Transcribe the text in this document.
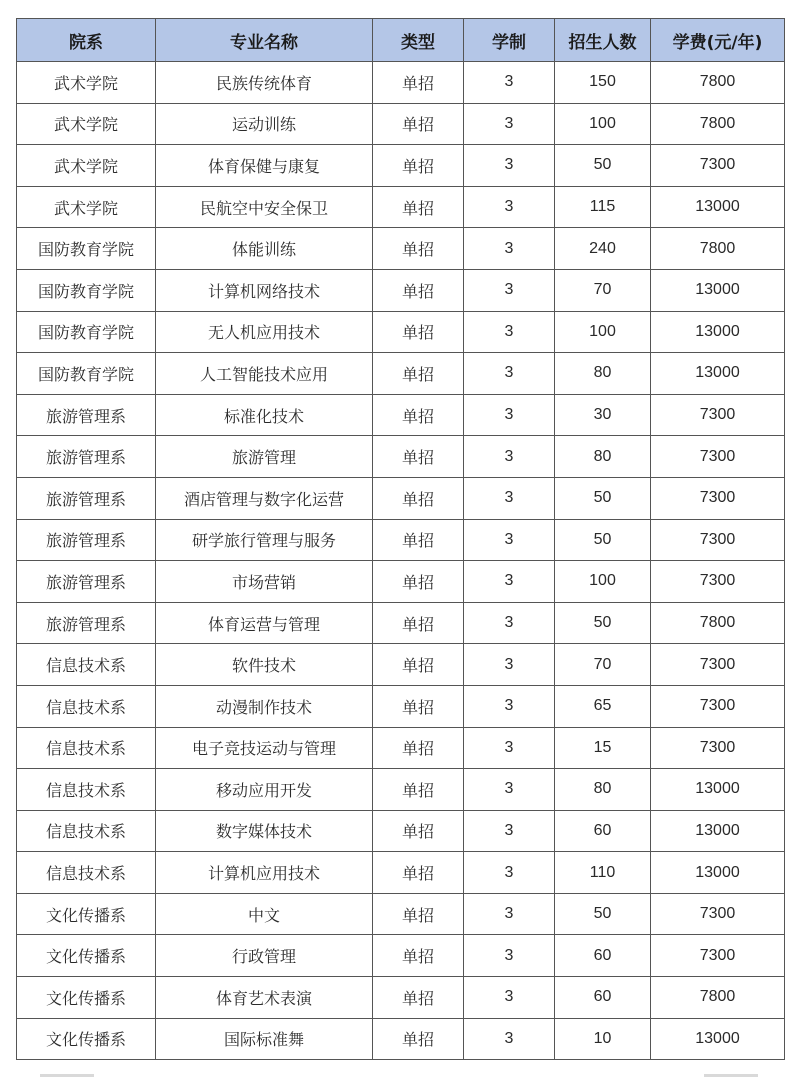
院系	专业名称	类型	学制	招生人数	学费(元/年)
武术学院	民族传统体育	单招	3	150	7800
武术学院	运动训练	单招	3	100	7800
武术学院	体育保健与康复	单招	3	50	7300
武术学院	民航空中安全保卫	单招	3	115	13000
国防教育学院	体能训练	单招	3	240	7800
国防教育学院	计算机网络技术	单招	3	70	13000
国防教育学院	无人机应用技术	单招	3	100	13000
国防教育学院	人工智能技术应用	单招	3	80	13000
旅游管理系	标准化技术	单招	3	30	7300
旅游管理系	旅游管理	单招	3	80	7300
旅游管理系	酒店管理与数字化运营	单招	3	50	7300
旅游管理系	研学旅行管理与服务	单招	3	50	7300
旅游管理系	市场营销	单招	3	100	7300
旅游管理系	体育运营与管理	单招	3	50	7800
信息技术系	软件技术	单招	3	70	7300
信息技术系	动漫制作技术	单招	3	65	7300
信息技术系	电子竞技运动与管理	单招	3	15	7300
信息技术系	移动应用开发	单招	3	80	13000
信息技术系	数字媒体技术	单招	3	60	13000
信息技术系	计算机应用技术	单招	3	110	13000
文化传播系	中文	单招	3	50	7300
文化传播系	行政管理	单招	3	60	7300
文化传播系	体育艺术表演	单招	3	60	7800
文化传播系	国际标准舞	单招	3	10	13000
